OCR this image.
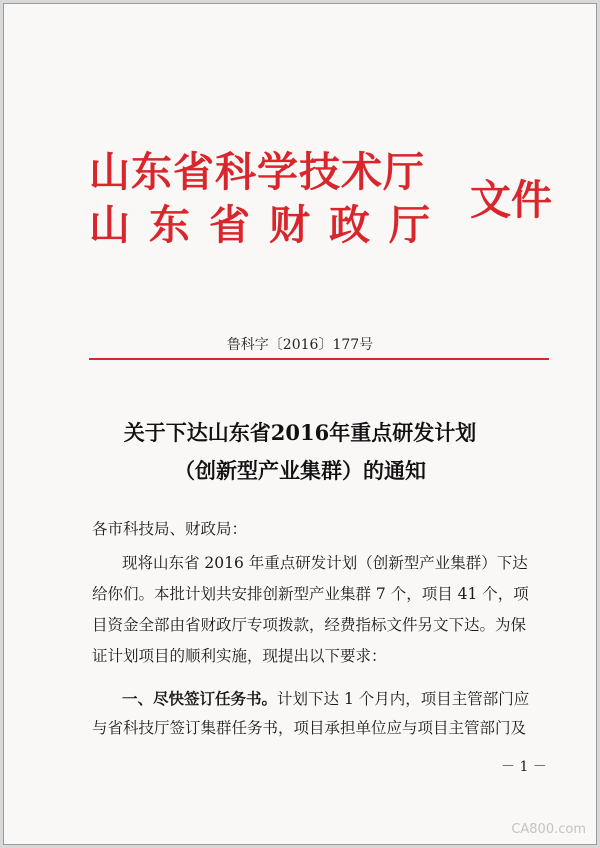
山东省科学技术厅
山东省财政厅
文件
鲁科字〔2016〕177号
关于下达山东省2016年重点研发计划
（创新型产业集群）的通知
各市科技局、财政局：
现将山东省 2016 年重点研发计划（创新型产业集群）下达
给你们。本批计划共安排创新型产业集群 7 个，项目 41 个，项
目资金全部由省财政厅专项拨款，经费指标文件另文下达。为保
证计划项目的顺利实施，现提出以下要求：
一、尽快签订任务书。计划下达 1 个月内，项目主管部门应
与省科技厅签订集群任务书，项目承担单位应与项目主管部门及
－ 1 －
CA800.com
